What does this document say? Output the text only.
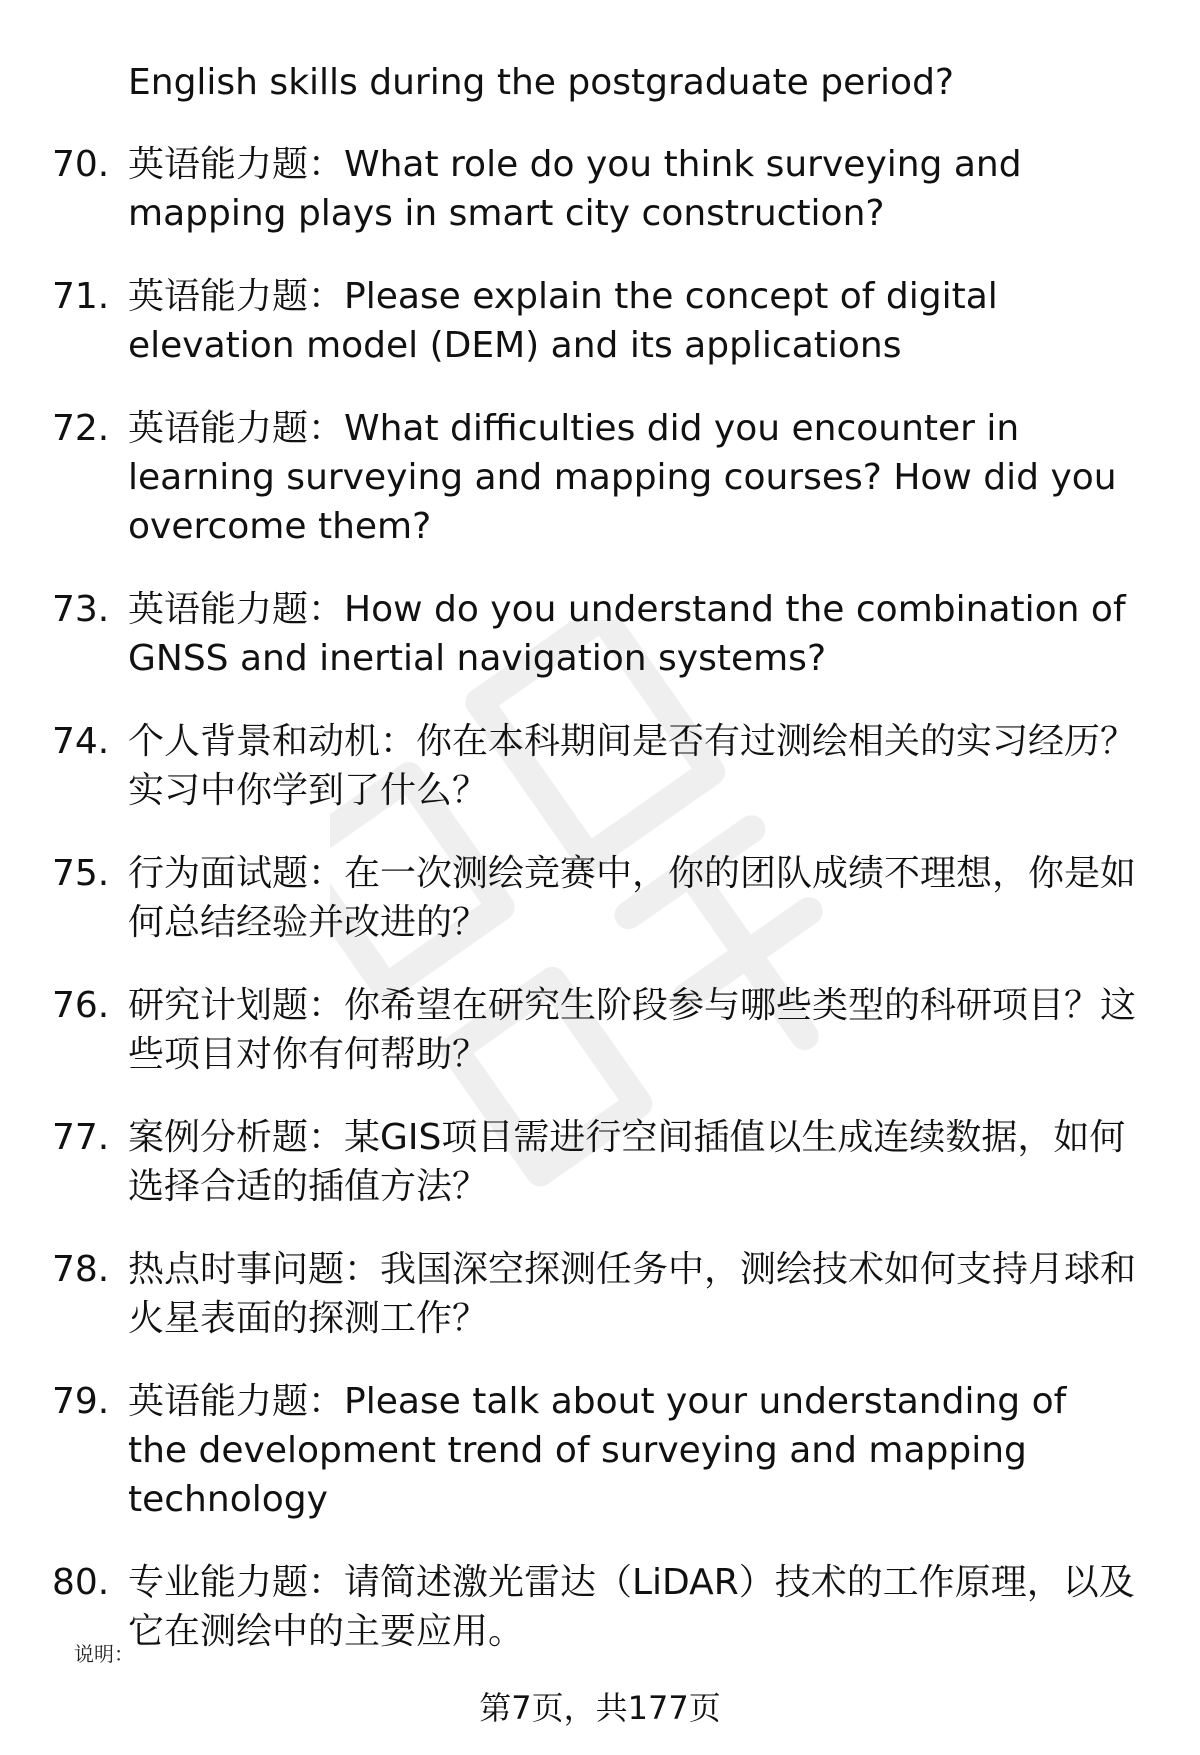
English skills during the postgraduate period?
70. 英语能力题：What role do you think surveying and mapping plays in smart city construction?
71. 英语能力题：Please explain the concept of digital elevation model (DEM) and its applications
72. 英语能力题：What difficulties did you encounter in learning surveying and mapping courses? How did you overcome them?
73. 英语能力题：How do you understand the combination of GNSS and inertial navigation systems?
74. 个人背景和动机：你在本科期间是否有过测绘相关的实习经历？实习中你学到了什么？
75. 行为面试题：在一次测绘竞赛中，你的团队成绩不理想，你是如何总结经验并改进的？
76. 研究计划题：你希望在研究生阶段参与哪些类型的科研项目？这些项目对你有何帮助？
77. 案例分析题：某GIS项目需进行空间插值以生成连续数据，如何选择合适的插值方法？
78. 热点时事问题：我国深空探测任务中，测绘技术如何支持月球和火星表面的探测工作？
79. 英语能力题：Please talk about your understanding of the development trend of surveying and mapping technology
80. 专业能力题：请简述激光雷达（LiDAR）技术的工作原理，以及它在测绘中的主要应用。
说明：
第7页，共177页
